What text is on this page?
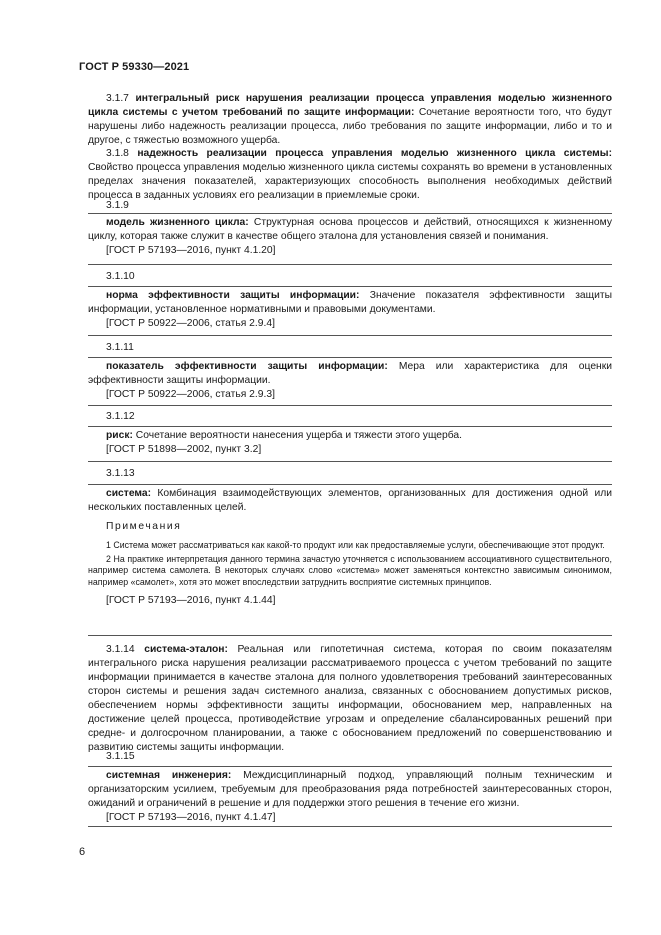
ГОСТ Р 59330—2021

3.1.7 интегральный риск нарушения реализации процесса управления моделью жизненного цикла системы с учетом требований по защите информации: Сочетание вероятности того, что будут нарушены либо надежность реализации процесса, либо требования по защите информации, либо и то и другое, с тяжестью возможного ущерба.

3.1.8 надежность реализации процесса управления моделью жизненного цикла системы: Свойство процесса управления моделью жизненного цикла системы сохранять во времени в установленных пределах значения показателей, характеризующих способность выполнения необходимых действий процесса в заданных условиях его реализации в приемлемые сроки.

3.1.9

модель жизненного цикла: Структурная основа процессов и действий, относящихся к жизненному циклу, которая также служит в качестве общего эталона для установления связей и понимания.

[ГОСТ Р 57193—2016, пункт 4.1.20]

3.1.10

норма эффективности защиты информации: Значение показателя эффективности защиты информации, установленное нормативными и правовыми документами.

[ГОСТ Р 50922—2006, статья 2.9.4]

3.1.11

показатель эффективности защиты информации: Мера или характеристика для оценки эффективности защиты информации.

[ГОСТ Р 50922—2006, статья 2.9.3]

3.1.12

риск: Сочетание вероятности нанесения ущерба и тяжести этого ущерба.

[ГОСТ Р 51898—2002, пункт 3.2]

3.1.13

система: Комбинация взаимодействующих элементов, организованных для достижения одной или нескольких поставленных целей.

Примечания

1 Система может рассматриваться как какой-то продукт или как предоставляемые услуги, обеспечивающие этот продукт.

2 На практике интерпретация данного термина зачастую уточняется с использованием ассоциативного существительного, например система самолета. В некоторых случаях слово «система» может заменяться контекстно зависимым синонимом, например «самолет», хотя это может впоследствии затруднить восприятие системных принципов.

[ГОСТ Р 57193—2016, пункт 4.1.44]

3.1.14 система-эталон: Реальная или гипотетичная система, которая по своим показателям интегрального риска нарушения реализации рассматриваемого процесса с учетом требований по защите информации принимается в качестве эталона для полного удовлетворения требований заинтересованных сторон системы и решения задач системного анализа, связанных с обоснованием допустимых рисков, обеспечением нормы эффективности защиты информации, обоснованием мер, направленных на достижение целей процесса, противодействие угрозам и определение сбалансированных решений при средне- и долгосрочном планировании, а также с обоснованием предложений по совершенствованию и развитию системы защиты информации.

3.1.15

системная инженерия: Междисциплинарный подход, управляющий полным техническим и организаторским усилием, требуемым для преобразования ряда потребностей заинтересованных сторон, ожиданий и ограничений в решение и для поддержки этого решения в течение его жизни.

[ГОСТ Р 57193—2016, пункт 4.1.47]

6
